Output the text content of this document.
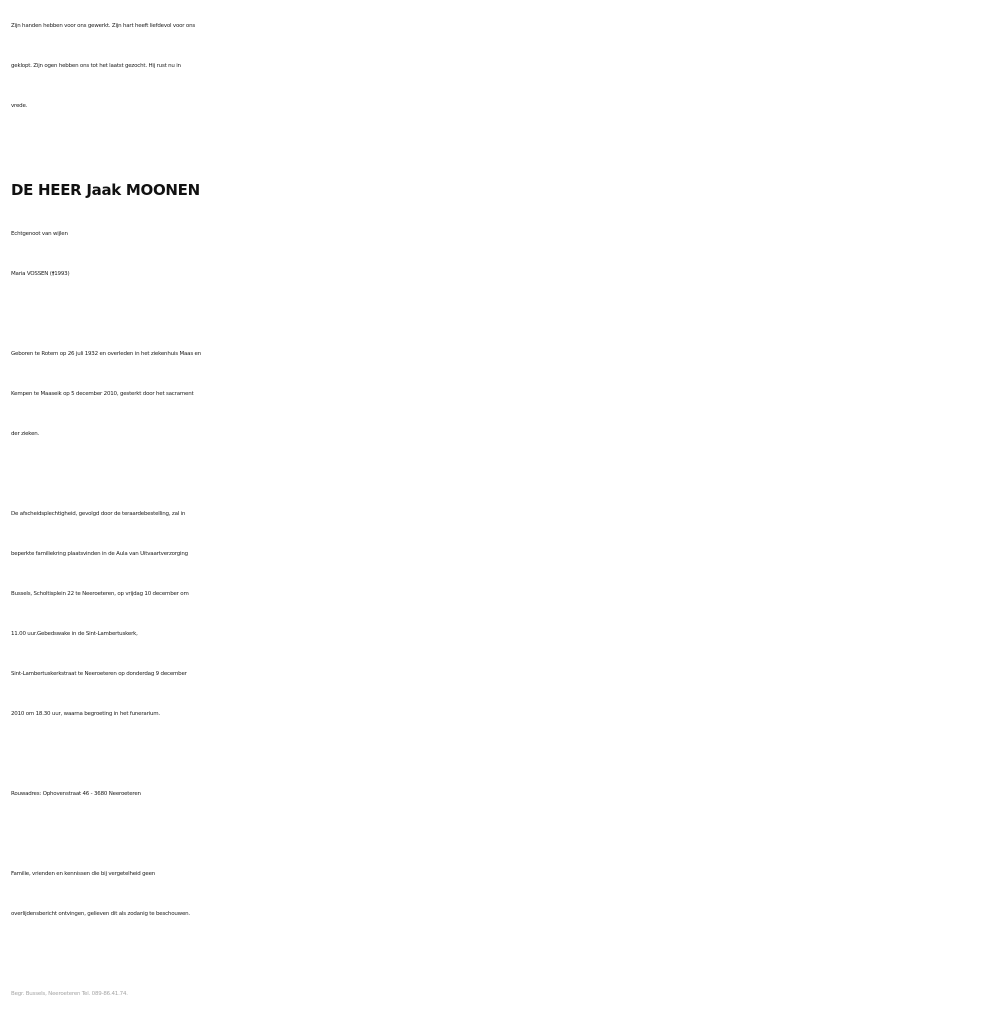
Zijn handen hebben voor ons gewerkt. Zijn hart heeft liefdevol voor ons
geklopt. Zijn ogen hebben ons tot het laatst gezocht. Hij rust nu in
vrede.

DE HEER Jaak MOONEN

Echtgenoot van wijlen
Maria VOSSEN (†1993)

Geboren te Rotem op 26 juli 1932 en overleden in het ziekenhuis Maas en
Kempen te Maaseik op 5 december 2010, gesterkt door het sacrament
der zieken.

De afscheidsplechtigheid, gevolgd door de teraardebestelling, zal in
beperkte familiekring plaatsvinden in de Aula van Uitvaartverzorging
Bussels, Scholtisplein 22 te Neeroeteren, op vrijdag 10 december om
11.00 uur.Gebedswake in de Sint-Lambertuskerk,
Sint-Lambertuskerkstraat te Neeroeteren op donderdag 9 december
2010 om 18.30 uur, waarna begroeting in het funerarium.

Rouwadres: Ophovenstraat 46 - 3680 Neeroeteren

Familie, vrienden en kennissen die bij vergetelheid geen
overlijdensbericht ontvingen, gelieven dit als zodanig te beschouwen.

Begr. Bussels, Neeroeteren Tel. 089-86.41.74.
